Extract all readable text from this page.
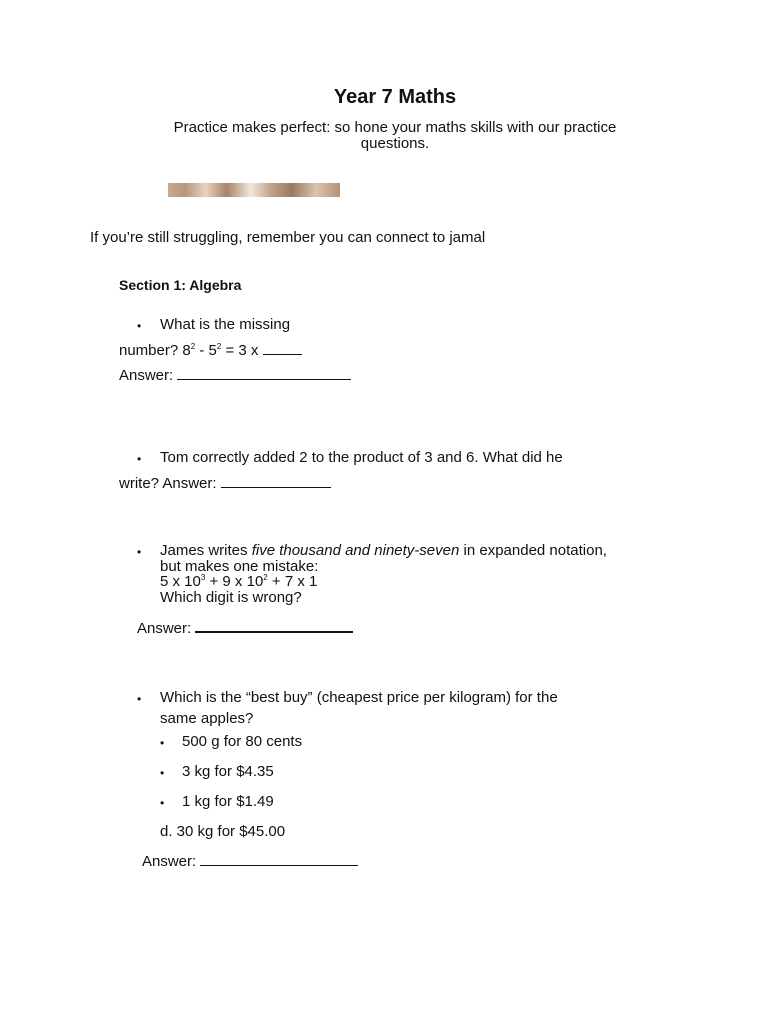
Year 7 Maths
Practice makes perfect: so hone your maths skills with our practice questions.
If you’re still struggling, remember you can connect to jamal
Section 1: Algebra
• What is the missing
number? $8^2 - 5^2 = 3$ x
Answer:
• Tom correctly added 2 to the product of 3 and 6. What did he
write? Answer:
• James writes five thousand and ninety-seven in expanded notation,
but makes one mistake:
5 x $10^3 + 9$ x $10^2 + 7$ x 1
Which digit is wrong?
Answer:
• Which is the “best buy” (cheapest price per kilogram) for the
same apples?
• 500 g for 80 cents
• 3 kg for $4.35
• 1 kg for $1.49
d. 30 kg for $45.00
Answer:
